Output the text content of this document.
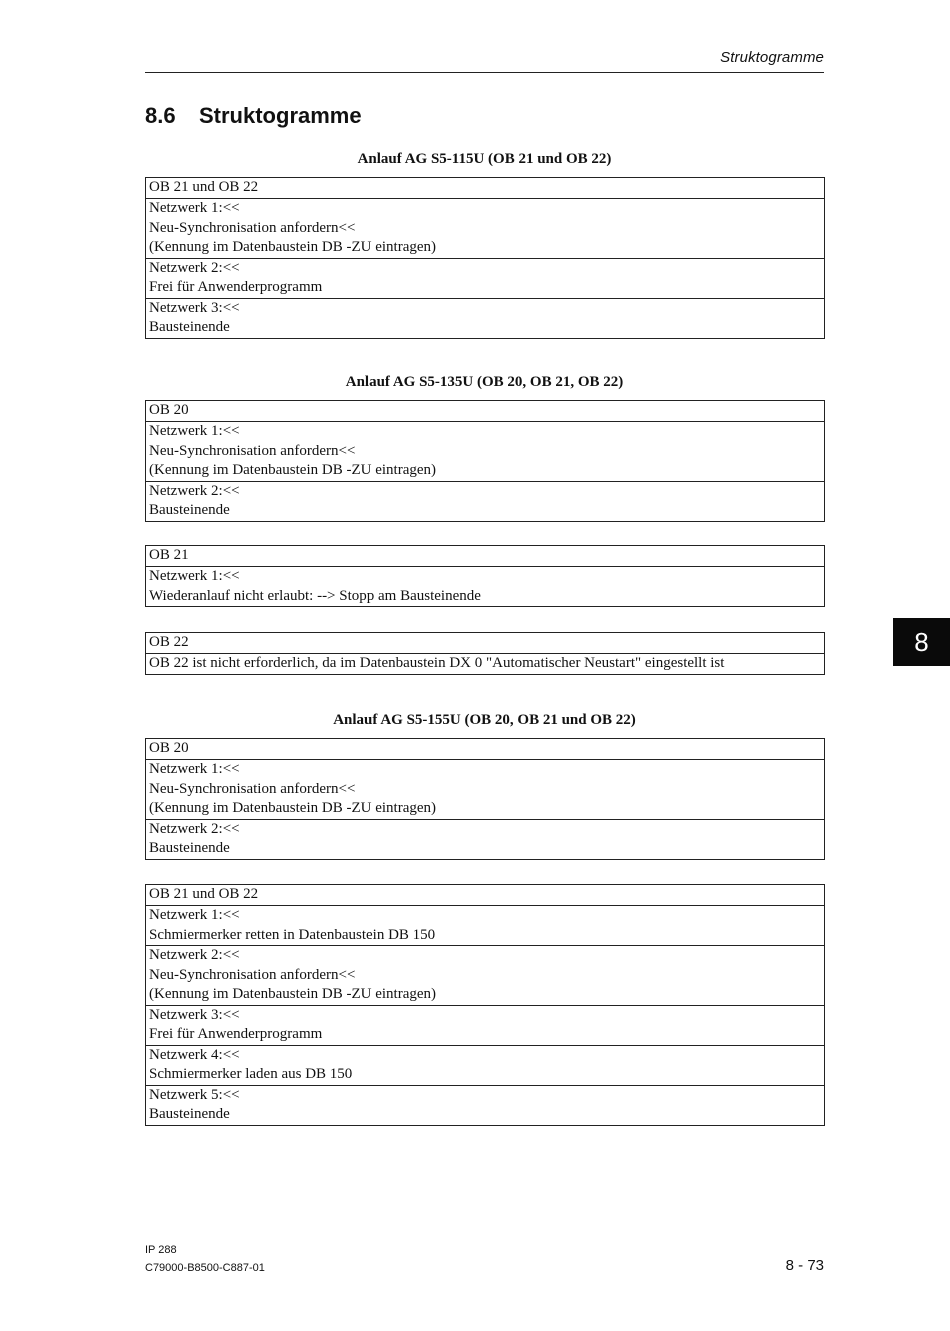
Struktogramme
8.6 Struktogramme
Anlauf AG S5-115U (OB 21 und OB 22)
OB 21 und OB 22
Netzwerk 1:<<
Neu-Synchronisation anfordern<<
(Kennung im Datenbaustein DB -ZU eintragen)
Netzwerk 2:<<
Frei für Anwenderprogramm
Netzwerk 3:<<
Bausteinende
Anlauf AG S5-135U (OB 20, OB 21, OB 22)
OB 20
Netzwerk 1:<<
Neu-Synchronisation anfordern<<
(Kennung im Datenbaustein DB -ZU eintragen)
Netzwerk 2:<<
Bausteinende
OB 21
Netzwerk 1:<<
Wiederanlauf nicht erlaubt: --> Stopp am Bausteinende
OB 22
OB 22 ist nicht erforderlich, da im Datenbaustein DX 0 "Automatischer Neustart" eingestellt ist
Anlauf AG S5-155U (OB 20, OB 21 und OB 22)
OB 20
Netzwerk 1:<<
Neu-Synchronisation anfordern<<
(Kennung im Datenbaustein DB -ZU eintragen)
Netzwerk 2:<<
Bausteinende
OB 21 und OB 22
Netzwerk 1:<<
Schmiermerker retten in Datenbaustein DB 150
Netzwerk 2:<<
Neu-Synchronisation anfordern<<
(Kennung im Datenbaustein DB -ZU eintragen)
Netzwerk 3:<<
Frei für Anwenderprogramm
Netzwerk 4:<<
Schmiermerker laden aus DB 150
Netzwerk 5:<<
Bausteinende
8
IP 288
C79000-B8500-C887-01	8 - 73
